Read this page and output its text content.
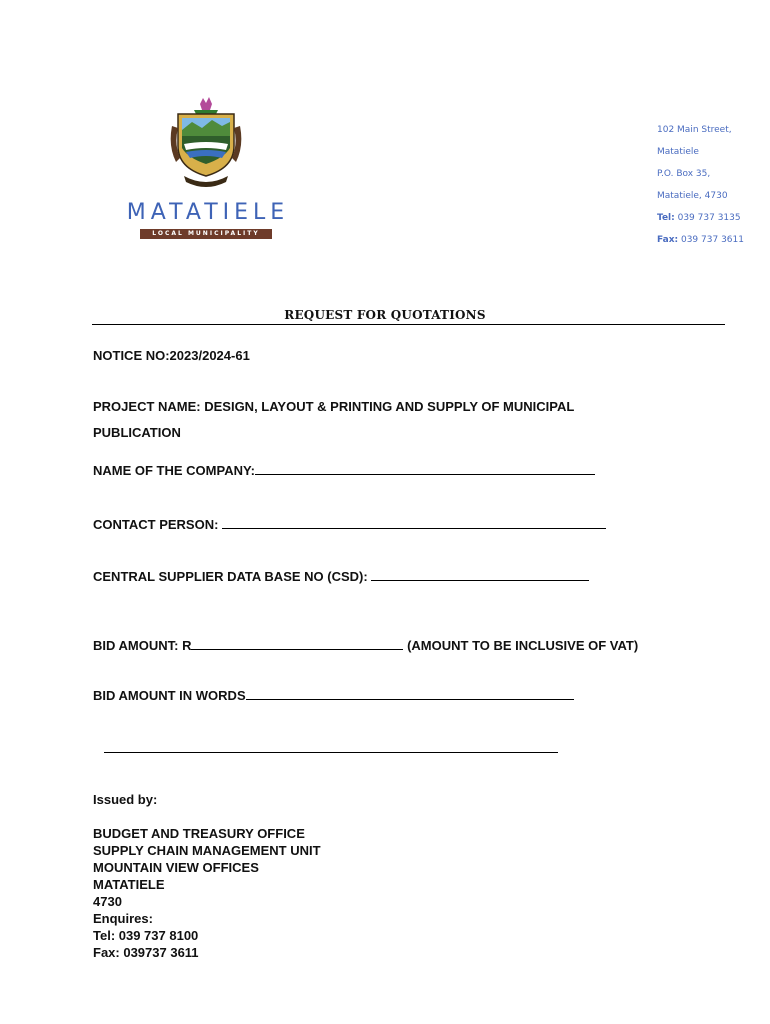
MATATIELE
LOCAL MUNICIPALITY
102 Main Street,
Matatiele
P.O. Box 35,
Matatiele, 4730
Tel: 039 737 3135
Fax: 039 737 3611
REQUEST FOR QUOTATIONS
NOTICE NO:2023/2024-61
PROJECT NAME: DESIGN, LAYOUT & PRINTING AND SUPPLY OF MUNICIPAL
PUBLICATION
NAME OF THE COMPANY:
CONTACT PERSON:
CENTRAL SUPPLIER DATA BASE NO (CSD):
BID AMOUNT: R	(AMOUNT TO BE INCLUSIVE OF VAT)
BID AMOUNT IN WORDS
Issued by:
BUDGET AND TREASURY OFFICE
SUPPLY CHAIN MANAGEMENT UNIT
MOUNTAIN VIEW OFFICES
MATATIELE
4730
Enquires:
Tel: 039 737 8100
Fax: 039737 3611
